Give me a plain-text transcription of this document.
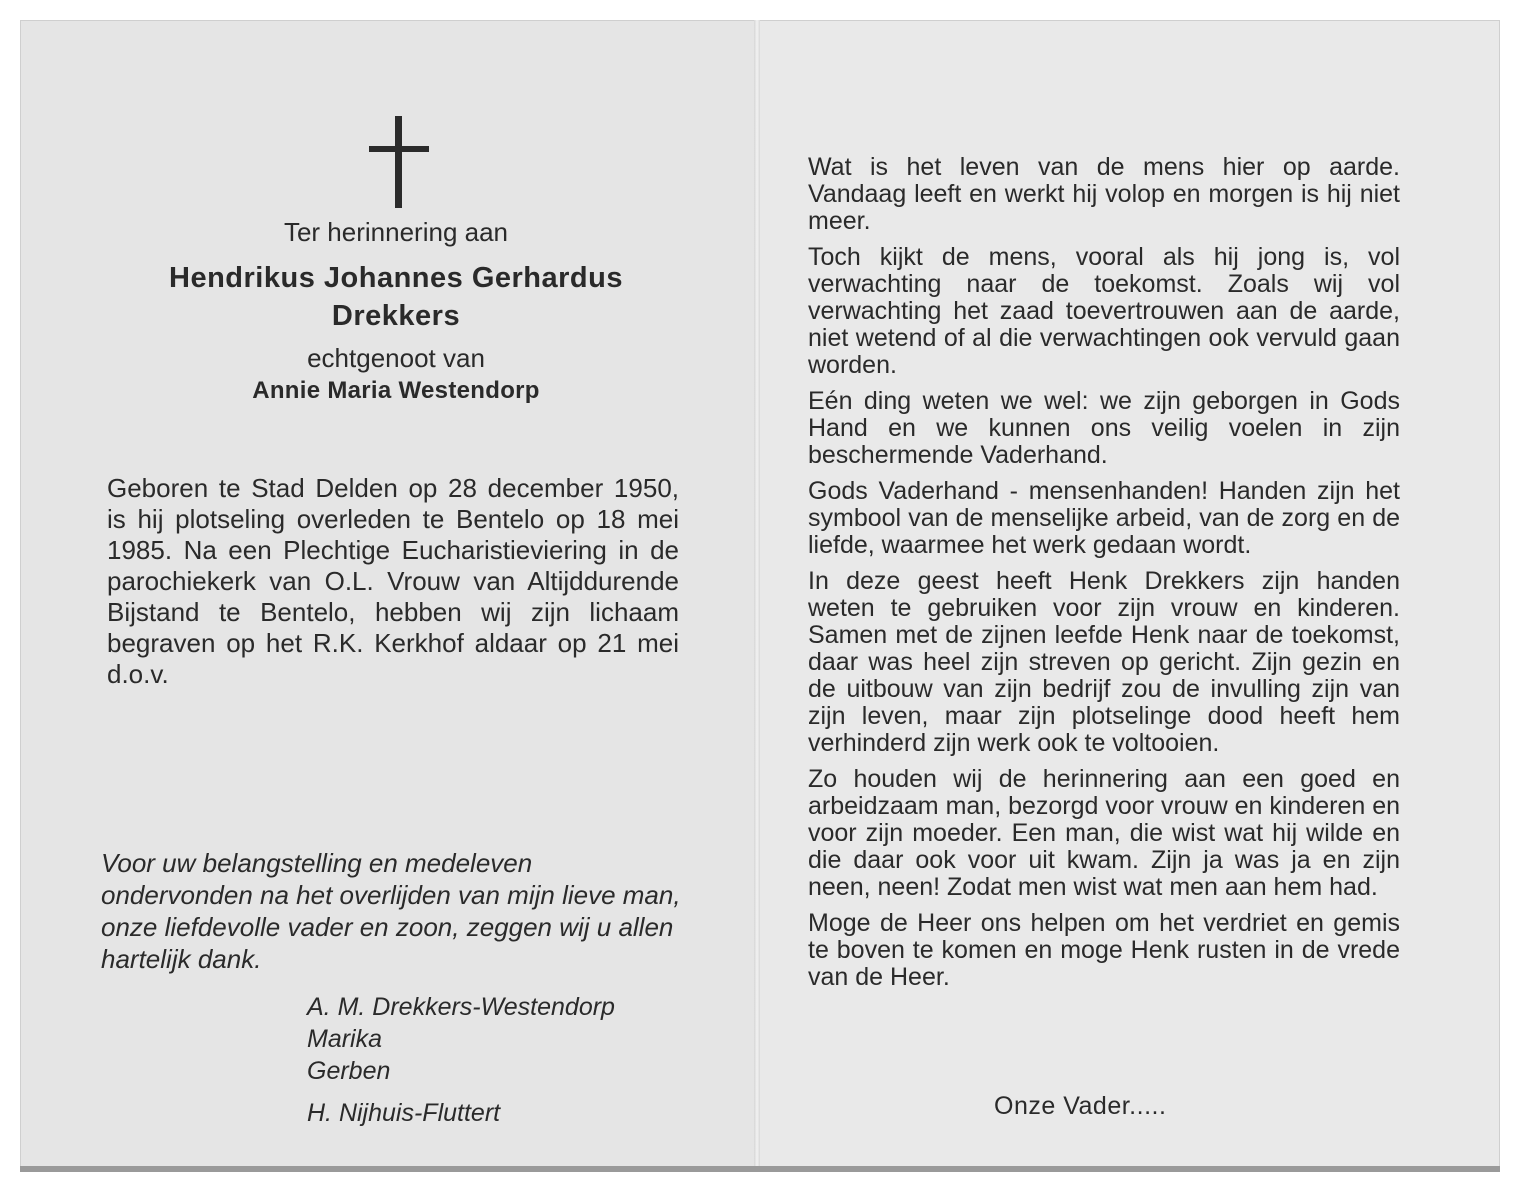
Ter herinnering aan
Hendrikus Johannes Gerhardus
Drekkers
echtgenoot van
Annie Maria Westendorp
Geboren te Stad Delden op 28 december 1950, is hij plotseling overleden te Bentelo op 18 mei 1985. Na een Plechtige Eucharistieviering in de parochiekerk van O.L. Vrouw van Altijddurende Bijstand te Bentelo, hebben wij zijn lichaam begraven op het R.K. Kerkhof aldaar op 21 mei d.o.v.
Voor uw belangstelling en medeleven ondervonden na het overlijden van mijn lieve man, onze liefdevolle vader en zoon, zeggen wij u allen hartelijk dank.
A. M. Drekkers-Westendorp
Marika
Gerben
H. Nijhuis-Fluttert

Wat is het leven van de mens hier op aarde. Vandaag leeft en werkt hij volop en morgen is hij niet meer.

Toch kijkt de mens, vooral als hij jong is, vol verwachting naar de toekomst. Zoals wij vol verwachting het zaad toevertrouwen aan de aarde, niet wetend of al die verwachtingen ook vervuld gaan worden.

Eén ding weten we wel: we zijn geborgen in Gods Hand en we kunnen ons veilig voelen in zijn beschermende Vaderhand.

Gods Vaderhand - mensenhanden! Handen zijn het symbool van de menselijke arbeid, van de zorg en de liefde, waarmee het werk gedaan wordt.

In deze geest heeft Henk Drekkers zijn handen weten te gebruiken voor zijn vrouw en kinderen. Samen met de zijnen leefde Henk naar de toekomst, daar was heel zijn streven op gericht. Zijn gezin en de uitbouw van zijn bedrijf zou de invulling zijn van zijn leven, maar zijn plotselinge dood heeft hem verhinderd zijn werk ook te voltooien.

Zo houden wij de herinnering aan een goed en arbeidzaam man, bezorgd voor vrouw en kinderen en voor zijn moeder. Een man, die wist wat hij wilde en die daar ook voor uit kwam. Zijn ja was ja en zijn neen, neen! Zodat men wist wat men aan hem had.

Moge de Heer ons helpen om het verdriet en gemis te boven te komen en moge Henk rusten in de vrede van de Heer.

Onze Vader.....
